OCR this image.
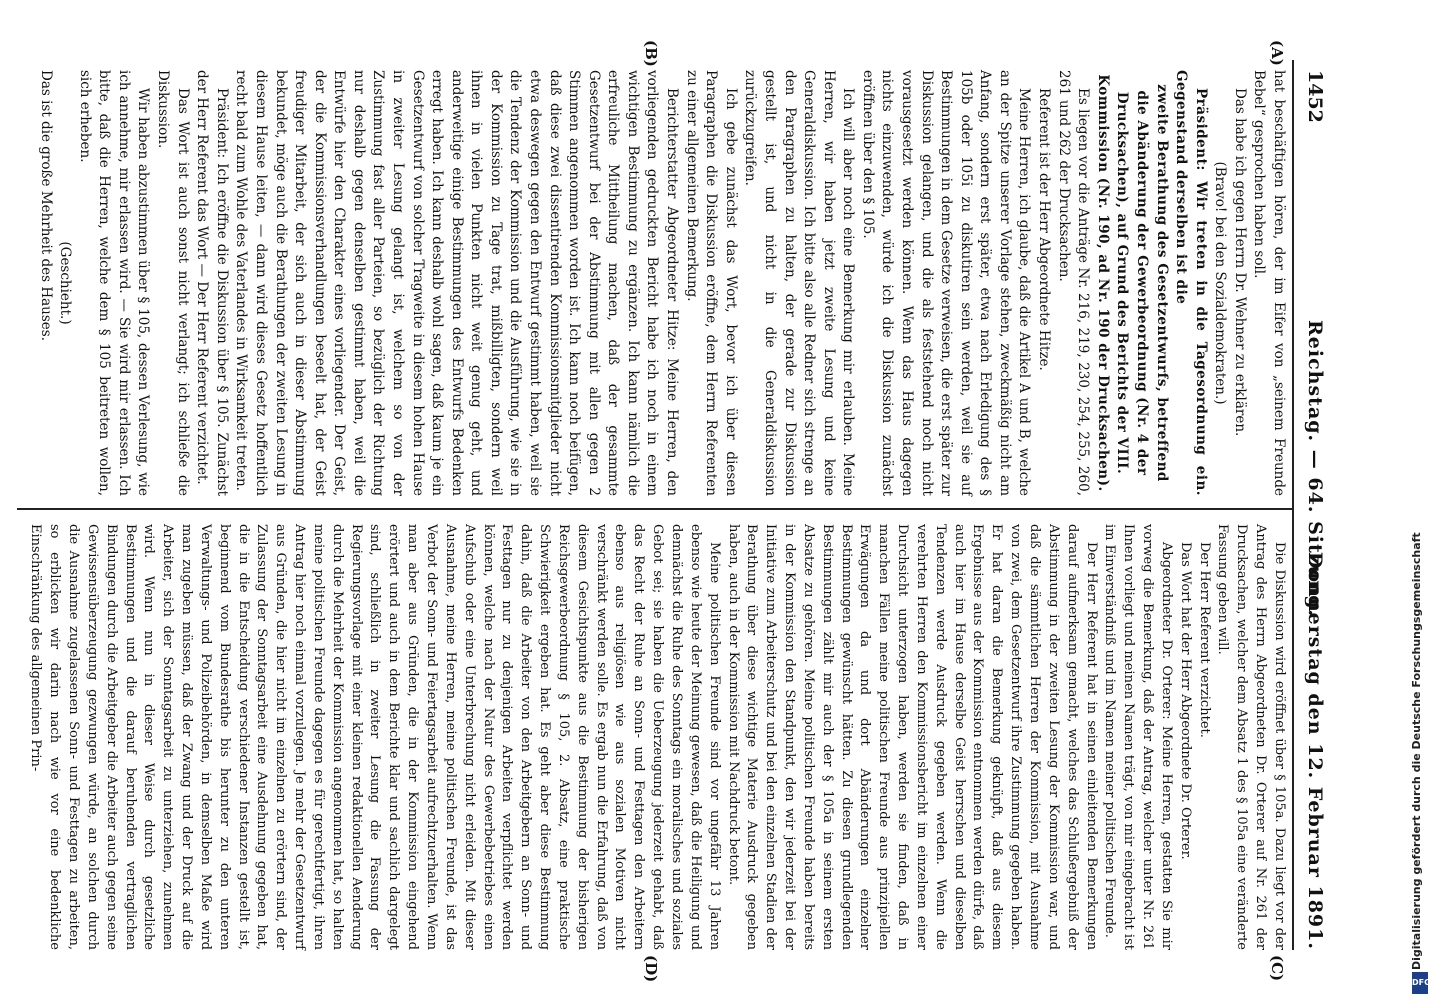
1452
Reichstag. — 64. Sitzung.
Donnerstag den 12. Februar 1891.
(A)
(B)
(C)
(D)

hat beschäftigen hören, der im Eifer von „seinem Freunde Bebel“ gesprochen haben soll.

Das habe ich gegen Herrn Dr. Wehner zu erklären.

(Bravo! bei den Sozialdemokraten.)

Präsident: Wir treten in die Tagesordnung ein. Gegenstand derselben ist die

zweite Berathung des Gesetzentwurfs, betreffend die Abänderung der Gewerbeordnung (Nr. 4 der Drucksachen), auf Grund des Berichts der VIII. Kommission (Nr. 190, ad Nr. 190 der Drucksachen).

Es liegen vor die Anträge Nr. 216, 219, 230, 254, 255, 260, 261 und 262 der Drucksachen.

Referent ist der Herr Abgeordnete Hitze.

Meine Herren, ich glaube, daß die Artikel A und B, welche an der Spitze unserer Vorlage stehen, zweckmäßig nicht am Anfang, sondern erst später, etwa nach Erledigung des § 105b oder 105i zu diskutiren sein werden, weil sie auf Bestimmungen in dem Gesetze verweisen, die erst später zur Diskussion gelangen, und die als feststehend noch nicht vorausgesetzt werden können. Wenn das Haus dagegen nichts einzuwenden, würde ich die Diskussion zunächst eröffnen über den § 105.

Ich will aber noch eine Bemerkung mir erlauben. Meine Herren, wir haben jetzt zweite Lesung und keine Generaldiskussion. Ich bitte also alle Redner sich strenge an den Paragraphen zu halten, der gerade zur Diskussion gestellt ist, und nicht in die Generaldiskussion zurückzugreifen.

Ich gebe zunächst das Wort, bevor ich über diesen Paragraphen die Diskussion eröffne, dem Herrn Referenten zu einer allgemeinen Bemerkung.

Berichterstatter Abgeordneter Hitze: Meine Herren, den vorliegenden gedruckten Bericht habe ich noch in einem wichtigen Bestimmung zu ergänzen. Ich kann nämlich die erfreuliche Mittheilung machen, daß der gesammte Gesetzentwurf bei der Abstimmung mit allen gegen 2 Stimmen angenommen worden ist. Ich kann noch beifügen, daß diese zwei dissentirenden Kommissionsmitglieder nicht etwa deswegen gegen den Entwurf gestimmt haben, weil sie die Tendenz der Kommission und die Ausführung, wie sie in der Kommission zu Tage trat, mißbilligten, sondern weil ihnen in vielen Punkten nicht weit genug geht, und anderweitige einige Bestimmungen des Entwurfs Bedenken erregt haben. Ich kann deshalb wohl sagen, daß kaum je ein Gesetzentwurf von solcher Tragweite in diesem hohen Hause in zweiter Lesung gelangt ist, welchem so von der Zustimmung fast aller Parteien, so bezüglich der Richtung nur deshalb gegen denselben gestimmt haben, weil die Entwürfe hier den Charakter eines vorliegender. Der Geist, der die Kommissionsverhandlungen beseelt hat, der Geist freudiger Mitarbeit, der sich auch in dieser Abstimmung bekundet, möge auch die Berathungen der zweiten Lesung in diesem Hause leiten, — dann wird dieses Gesetz hoffentlich recht bald zum Wohle des Vaterlandes in Wirksamkeit treten.

Präsident: Ich eröffne die Diskussion über § 105. Zunächst der Herr Referent das Wort — Der Herr Referent verzichtet.

Das Wort ist auch sonst nicht verlangt; ich schließe die Diskussion.

Wir haben abzustimmen über § 105, dessen Verlesung, wie ich annehme, mir erlassen wird. — Sie wird mir erlassen. Ich bitte, daß die Herren, welche dem § 105 beitreten wollen, sich erheben.

(Geschieht.)

Das ist die große Mehrheit des Hauses.

Die Diskussion wird eröffnet über § 105a. Dazu liegt vor der Antrag des Herrn Abgeordneten Dr. Orterer auf Nr. 261 der Drucksachen, welcher dem Absatz 1 des § 105a eine veränderte Fassung geben will.

Der Herr Referent verzichtet.

Das Wort hat der Herr Abgeordnete Dr. Orterer.

Abgeordneter Dr. Orterer: Meine Herren, gestatten Sie mir vorweg die Bemerkung, daß der Antrag, welcher unter Nr. 261 Ihnen vorliegt und meinen Namen trägt, von mir eingebracht ist im Einverständniß und im Namen meiner politischen Freunde.

Der Herr Referent hat in seinen einleitenden Bemerkungen darauf aufmerksam gemacht, welches das Schlußergebniß der Abstimmung in der zweiten Lesung der Kommission war, und daß die sämmtlichen Herren der Kommission, mit Ausnahme von zwei, dem Gesetzentwurf ihre Zustimmung gegeben haben. Er hat daran die Bemerkung geknüpft, daß aus diesem Ergebnisse aus der Kommission entnommen werden dürfe, daß auch hier im Hause derselbe Geist herrschen und dieselben Tendenzen werde Ausdruck gegeben werden. Wenn die verehrten Herren den Kommissionsbericht im einzelnen einer Durchsicht unterzogen haben, werden sie finden, daß in manchen Fällen meine politischen Freunde aus prinzipiellen Erwägungen da und dort Abänderungen einzelner Bestimmungen gewünscht hätten. Zu diesen grundlegenden Bestimmungen zählt mir auch der § 105a in seinem ersten Absatze zu gehören. Meine politischen Freunde haben bereits in der Kommission den Standpunkt, den wir jederzeit bei der Initiative zum Arbeiterschutz und bei den einzelnen Stadien der Berathung über diese wichtige Materie Ausdruck gegeben haben, auch in der Kommission mit Nachdruck betont.

Meine politischen Freunde sind vor ungefähr 13 Jahren ebenso wie heute der Meinung gewesen, daß die Heiligung und demnächst die Ruhe des Sonntags ein moralisches und soziales Gebot sei; sie haben die Ueberzeugung jederzeit gehabt, daß das Recht der Ruhe an Sonn- und Festtagen den Arbeitern ebenso aus religiösen wie aus sozialen Motiven nicht verschränkt werden solle. Es ergab nun die Erfahrung, daß von diesem Gesichtspunkte aus die Bestimmung der bisherigen Reichsgewerbeordnung § 105, 2. Absatz, eine praktische Schwierigkeit ergeben hat. Es geht aber diese Bestimmung dahin, daß die Arbeiter von den Arbeitgebern an Sonn- und Festtagen nur zu denjenigen Arbeiten verpflichtet werden können, welche nach der Natur des Gewerbebetriebes einen Aufschub oder eine Unterbrechung nicht erleiden. Mit dieser Ausnahme, meine Herren, meine politischen Freunde, ist das Verbot der Sonn- und Feiertagsarbeit aufrechtzuerhalten. Wenn man aber aus Gründen, die in der Kommission eingehend erörtert und auch in dem Berichte klar und sachlich dargelegt sind, schließlich in zweiter Lesung die Fassung der Regierungsvorlage mit einer kleinen redaktionellen Aenderung durch die Mehrheit der Kommission angenommen hat, so halten meine politischen Freunde dagegen es für gerechtfertigt, ihren Antrag hier noch einmal vorzulegen. Je mehr der Gesetzentwurf aus Gründen, die hier nicht im einzelnen zu erörtern sind, der Zulassung der Sonntagsarbeit eine Ausdehnung gegeben hat, die in die Entscheidung verschiedener Instanzen gestellt ist, beginnend vom Bundesrathe bis herunter zu den unteren Verwaltungs- und Polizeibehörden, in demselben Maße wird man zugeben müssen, daß der Zwang und der Druck auf die Arbeiter, sich der Sonntagsarbeit zu unterziehen, zunehmen wird. Wenn nun in dieser Weise durch gesetzliche Bestimmungen und die darauf beruhenden vertraglichen Bindungen durch die Arbeitgeber die Arbeiter auch gegen seine Gewissensüberzeugung gezwungen würde, an solchen durch die Ausnahme zugelassenen Sonn- und Festtagen zu arbeiten, so erblicken wir darin nach wie vor eine bedenkliche Einschränkung des allgemeinen Prin-	Digitalisierung gefördert durch die Deutsche Forschungsgemeinschaft
DFG
